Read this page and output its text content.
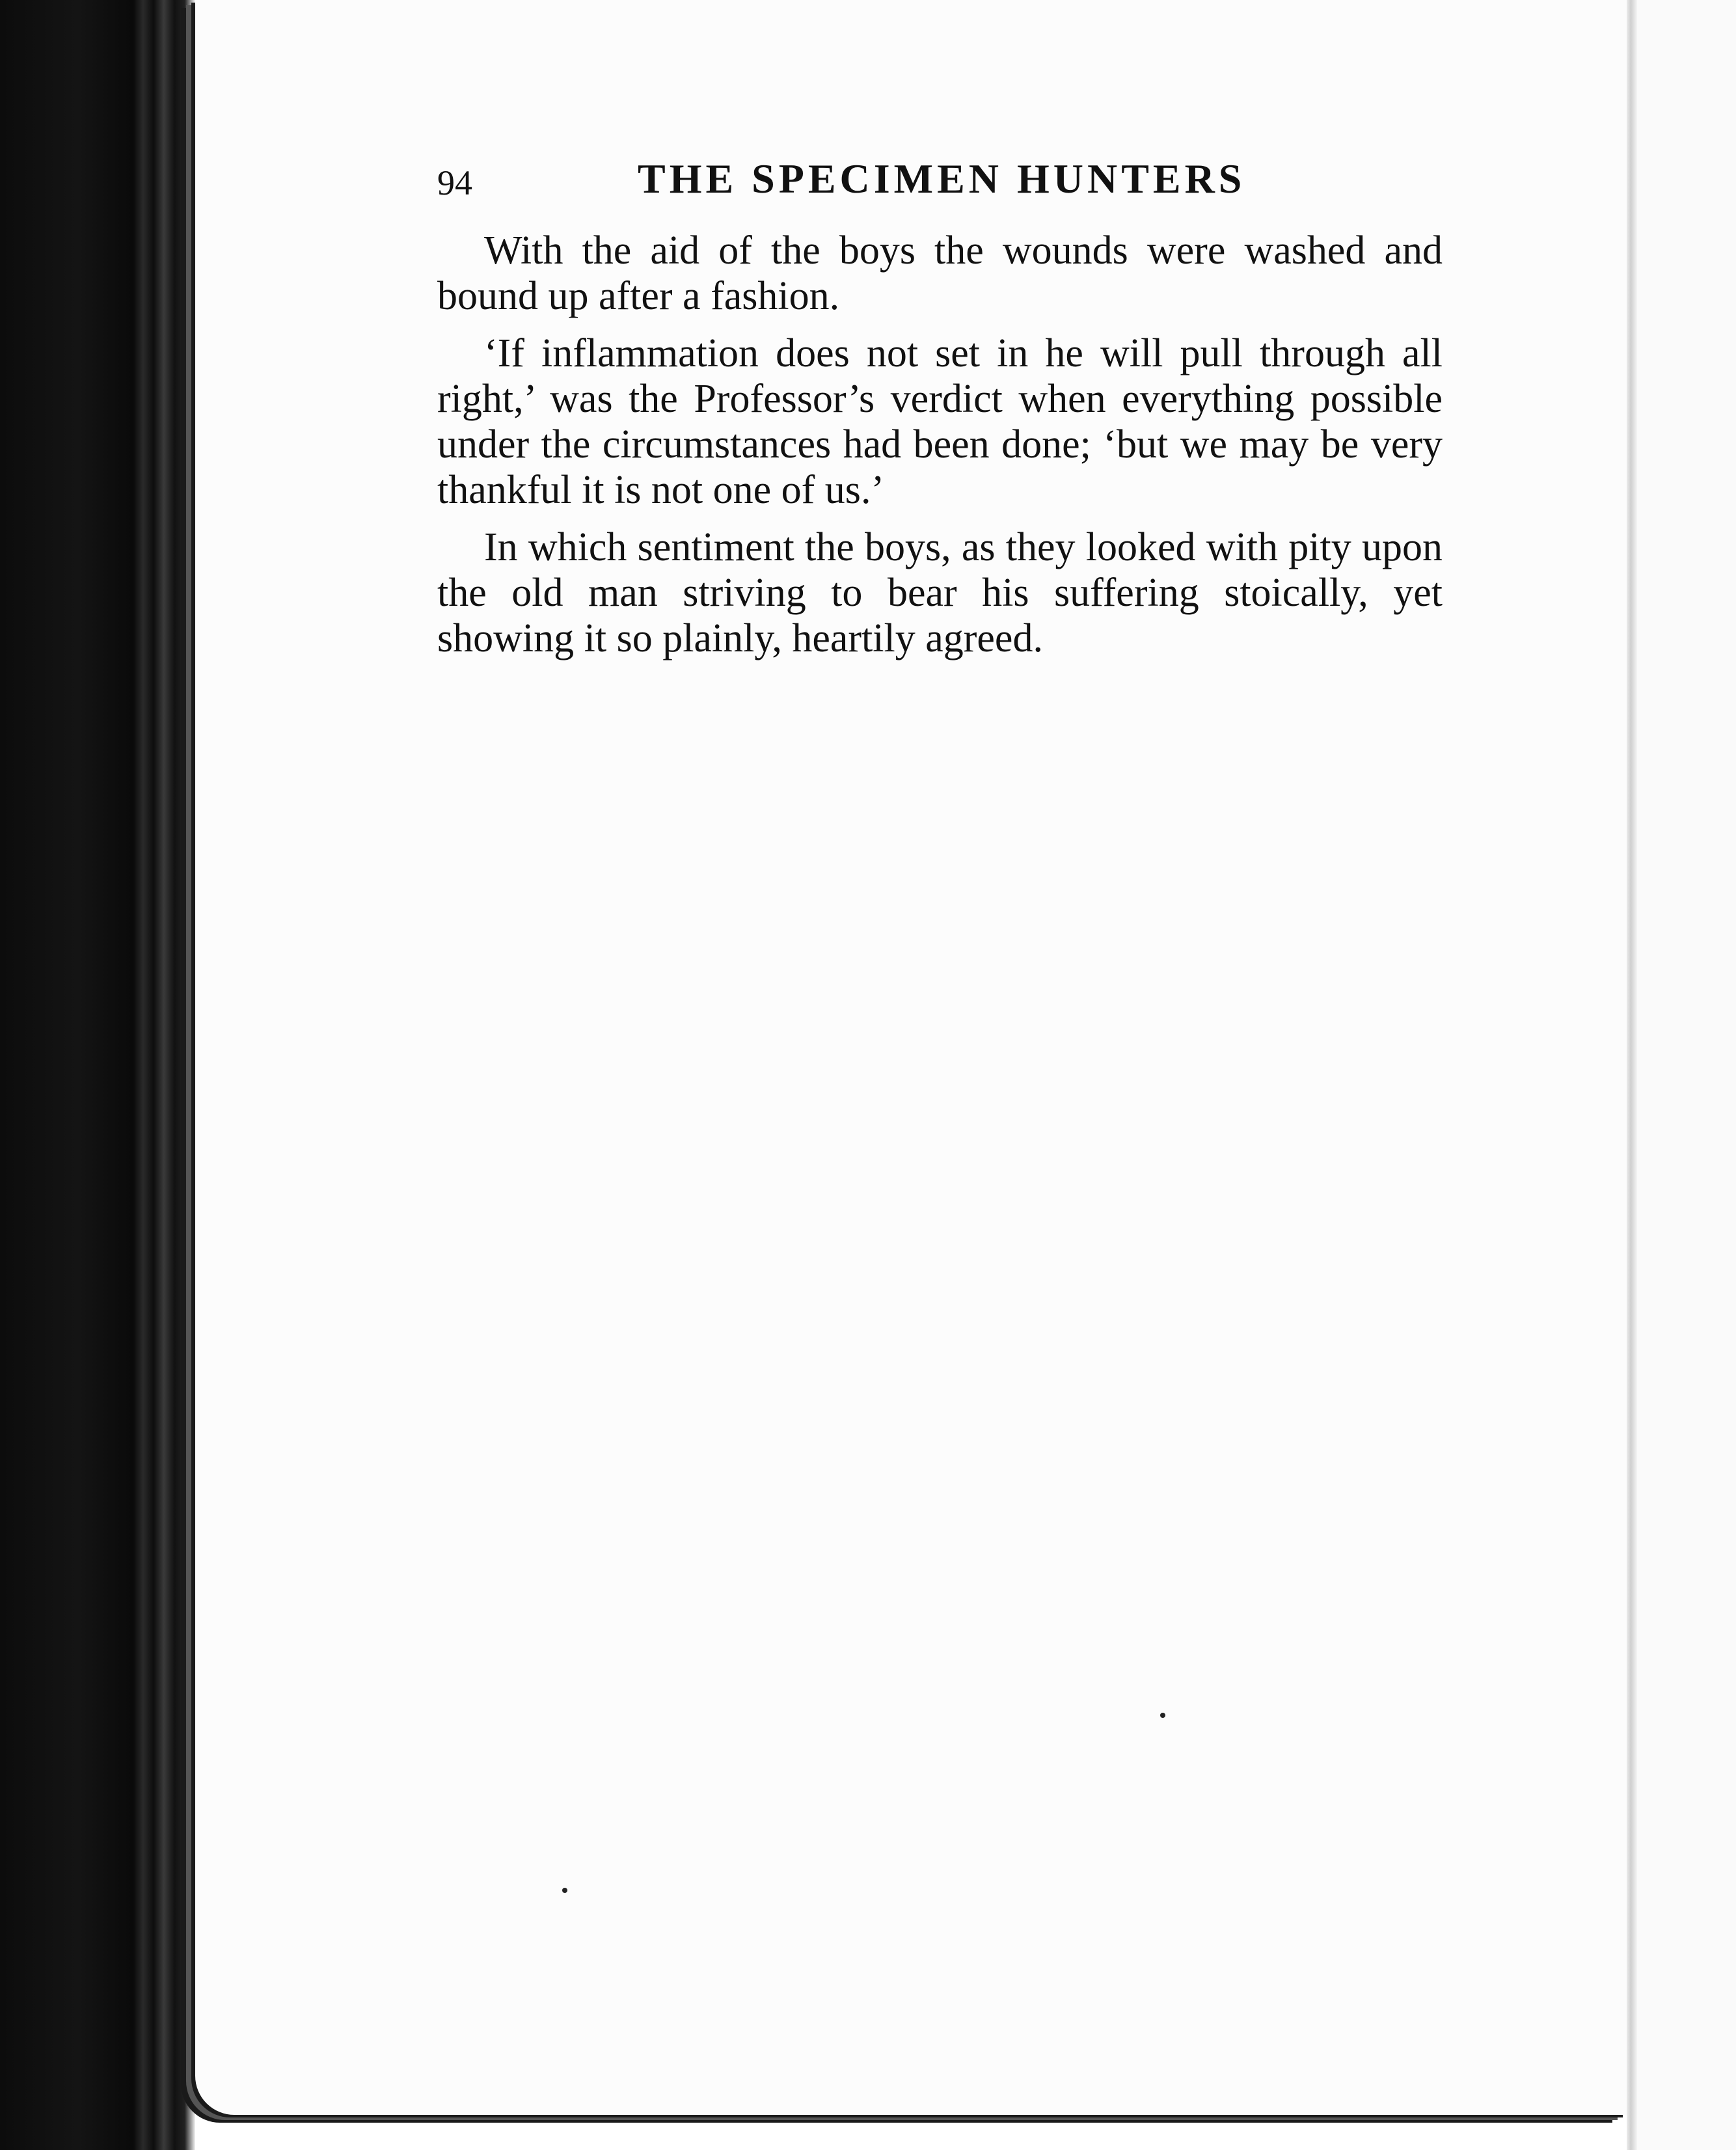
94	THE SPECIMEN HUNTERS

With the aid of the boys the wounds were washed and bound up after a fashion.

‘If inflammation does not set in he will pull through all right,’ was the Professor’s verdict when everything possible under the circumstances had been done; ‘but we may be very thankful it is not one of us.’

In which sentiment the boys, as they looked with pity upon the old man striving to bear his suffering stoically, yet showing it so plainly, heartily agreed.
